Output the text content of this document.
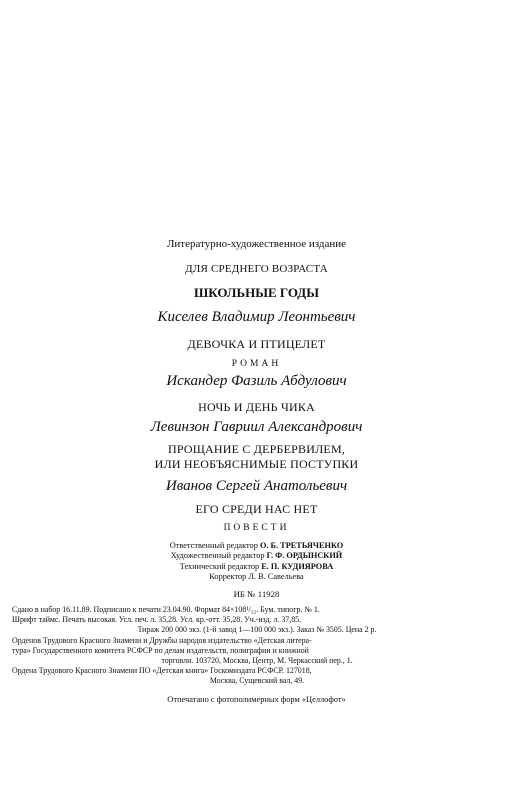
Литературно-художественное издание
ДЛЯ СРЕДНЕГО ВОЗРАСТА
ШКОЛЬНЫЕ ГОДЫ
Киселев Владимир Леонтьевич
ДЕВОЧКА И ПТИЦЕЛЕТ
РОМАН
Искандер Фазиль Абдулович
НОЧЬ И ДЕНЬ ЧИКА
Левинзон Гавриил Александрович
ПРОЩАНИЕ С ДЕРБЕРВИЛЕМ,
ИЛИ НЕОБЪЯСНИМЫЕ ПОСТУПКИ
Иванов Сергей Анатольевич
ЕГО СРЕДИ НАС НЕТ
ПОВЕСТИ
Ответственный редактор О. Б. ТРЕТЬЯЧЕНКО
Художественный редактор Г. Ф. ОРДЫНСКИЙ
Технический редактор Е. П. КУДИЯРОВА
Корректор Л. В. Савельева
ИБ № 11928
Сдано в набор 16.11.89. Подписано к печати 23.04.90. Формат 84×108¹/₃₂. Бум. типогр. № 1.
Шрифт таймс. Печать высокая. Усл. печ. л. 35,28. Усл. кр.-отт. 35,28. Уч.-изд. л. 37,85.
Тираж 200 000 экз. (1-й завод 1—100 000 экз.). Заказ № 3505. Цена 2 р.
Орденов Трудового Красного Знамени и Дружбы народов издательство «Детская литера-
тура» Государственного комитета РСФСР по делам издательств, полиграфии и книжной
торговли. 103720, Москва, Центр, М. Черкасский пер., 1.
Ордена Трудового Красного Знамени ПО «Детская книга» Госкомиздата РСФСР. 127018,
Москва, Сущевский вал, 49.
Отпечатано с фотополимерных форм «Целлофот»
